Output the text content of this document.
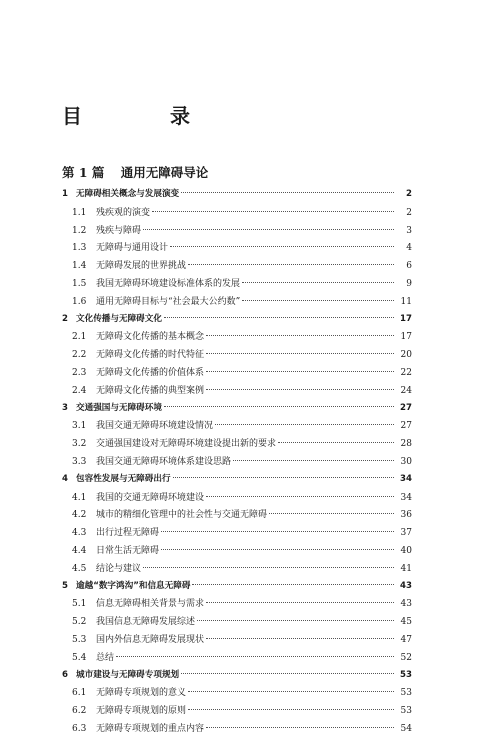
目　录
第 1 篇 通用无障碍导论
1 无障碍相关概念与发展演变	2
1.1	残疾观的演变	2
1.2	残疾与障碍	3
1.3	无障碍与通用设计	4
1.4	无障碍发展的世界挑战	6
1.5	我国无障碍环境建设标准体系的发展	9
1.6	通用无障碍目标与“社会最大公约数”	11
2 文化传播与无障碍文化	17
2.1	无障碍文化传播的基本概念	17
2.2	无障碍文化传播的时代特征	20
2.3	无障碍文化传播的价值体系	22
2.4	无障碍文化传播的典型案例	24
3 交通强国与无障碍环境	27
3.1	我国交通无障碍环境建设情况	27
3.2	交通强国建设对无障碍环境建设提出新的要求	28
3.3	我国交通无障碍环境体系建设思路	30
4 包容性发展与无障碍出行	34
4.1	我国的交通无障碍环境建设	34
4.2	城市的精细化管理中的社会性与交通无障碍	36
4.3	出行过程无障碍	37
4.4	日常生活无障碍	40
4.5	结论与建议	41
5 逾越“数字鸿沟”和信息无障碍	43
5.1	信息无障碍相关背景与需求	43
5.2	我国信息无障碍发展综述	45
5.3	国内外信息无障碍发展现状	47
5.4	总结	52
6 城市建设与无障碍专项规划	53
6.1	无障碍专项规划的意义	53
6.2	无障碍专项规划的原则	53
6.3	无障碍专项规划的重点内容	54
